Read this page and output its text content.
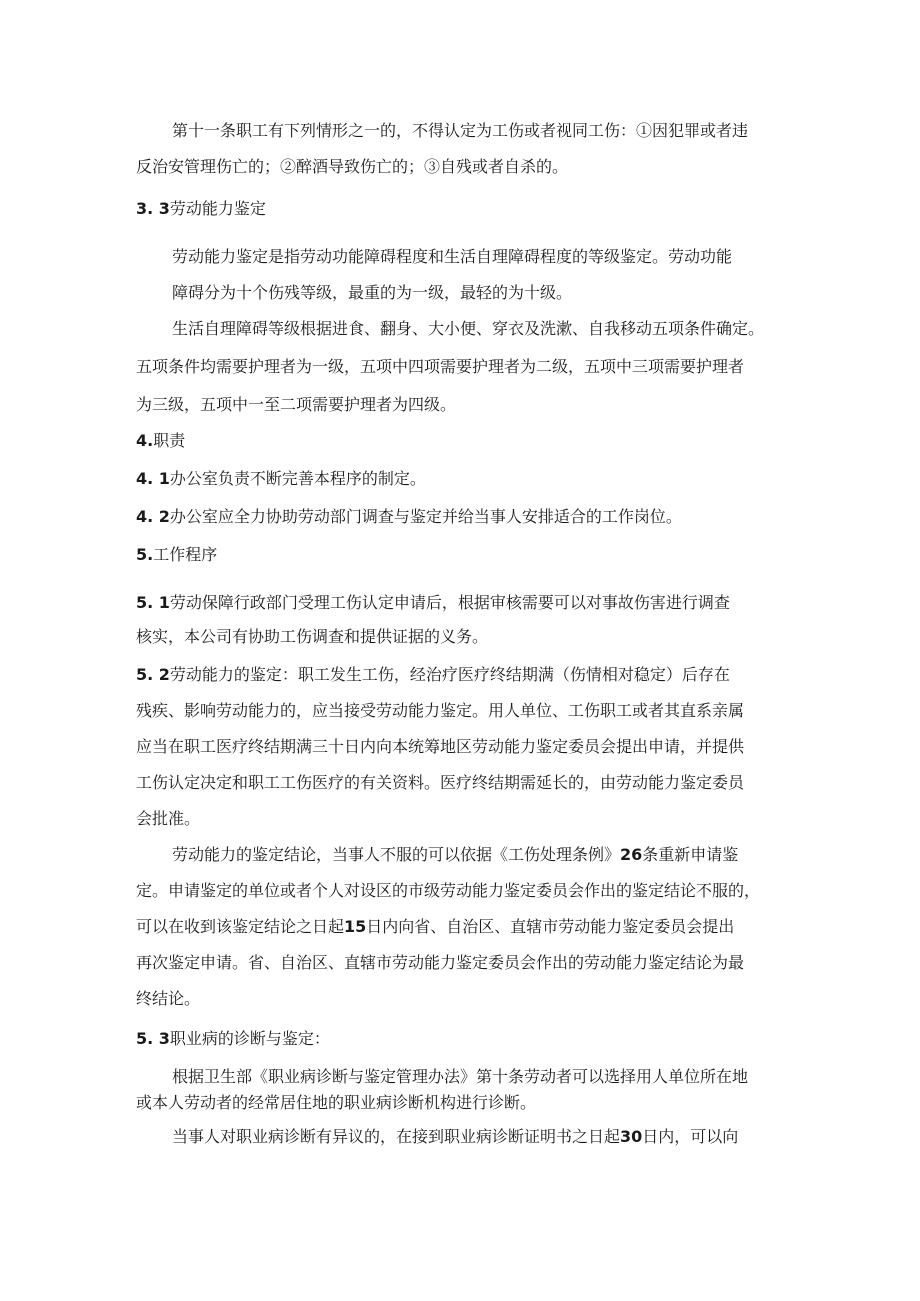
第十一条职工有下列情形之一的，不得认定为工伤或者视同工伤：①因犯罪或者违
反治安管理伤亡的；②醉酒导致伤亡的；③自残或者自杀的。
3. 3劳动能力鉴定
劳动能力鉴定是指劳动功能障碍程度和生活自理障碍程度的等级鉴定。劳动功能
障碍分为十个伤残等级，最重的为一级，最轻的为十级。
生活自理障碍等级根据进食、翻身、大小便、穿衣及洗漱、自我移动五项条件确定。
五项条件均需要护理者为一级，五项中四项需要护理者为二级，五项中三项需要护理者
为三级，五项中一至二项需要护理者为四级。
4.职责
4. 1办公室负责不断完善本程序的制定。
4. 2办公室应全力协助劳动部门调查与鉴定并给当事人安排适合的工作岗位。
5.工作程序
5. 1劳动保障行政部门受理工伤认定申请后，根据审核需要可以对事故伤害进行调查
核实，本公司有协助工伤调查和提供证据的义务。
5. 2劳动能力的鉴定：职工发生工伤，经治疗医疗终结期满（伤情相对稳定）后存在
残疾、影响劳动能力的，应当接受劳动能力鉴定。用人单位、工伤职工或者其直系亲属
应当在职工医疗终结期满三十日内向本统筹地区劳动能力鉴定委员会提出申请，并提供
工伤认定决定和职工工伤医疗的有关资料。医疗终结期需延长的，由劳动能力鉴定委员
会批准。
劳动能力的鉴定结论，当事人不服的可以依据《工伤处理条例》26条重新申请鉴
定。申请鉴定的单位或者个人对设区的市级劳动能力鉴定委员会作出的鉴定结论不服的，
可以在收到该鉴定结论之日起15日内向省、自治区、直辖市劳动能力鉴定委员会提出
再次鉴定申请。省、自治区、直辖市劳动能力鉴定委员会作出的劳动能力鉴定结论为最
终结论。
5. 3职业病的诊断与鉴定：
根据卫生部《职业病诊断与鉴定管理办法》第十条劳动者可以选择用人单位所在地
或本人劳动者的经常居住地的职业病诊断机构进行诊断。
当事人对职业病诊断有异议的，在接到职业病诊断证明书之日起30日内，可以向
